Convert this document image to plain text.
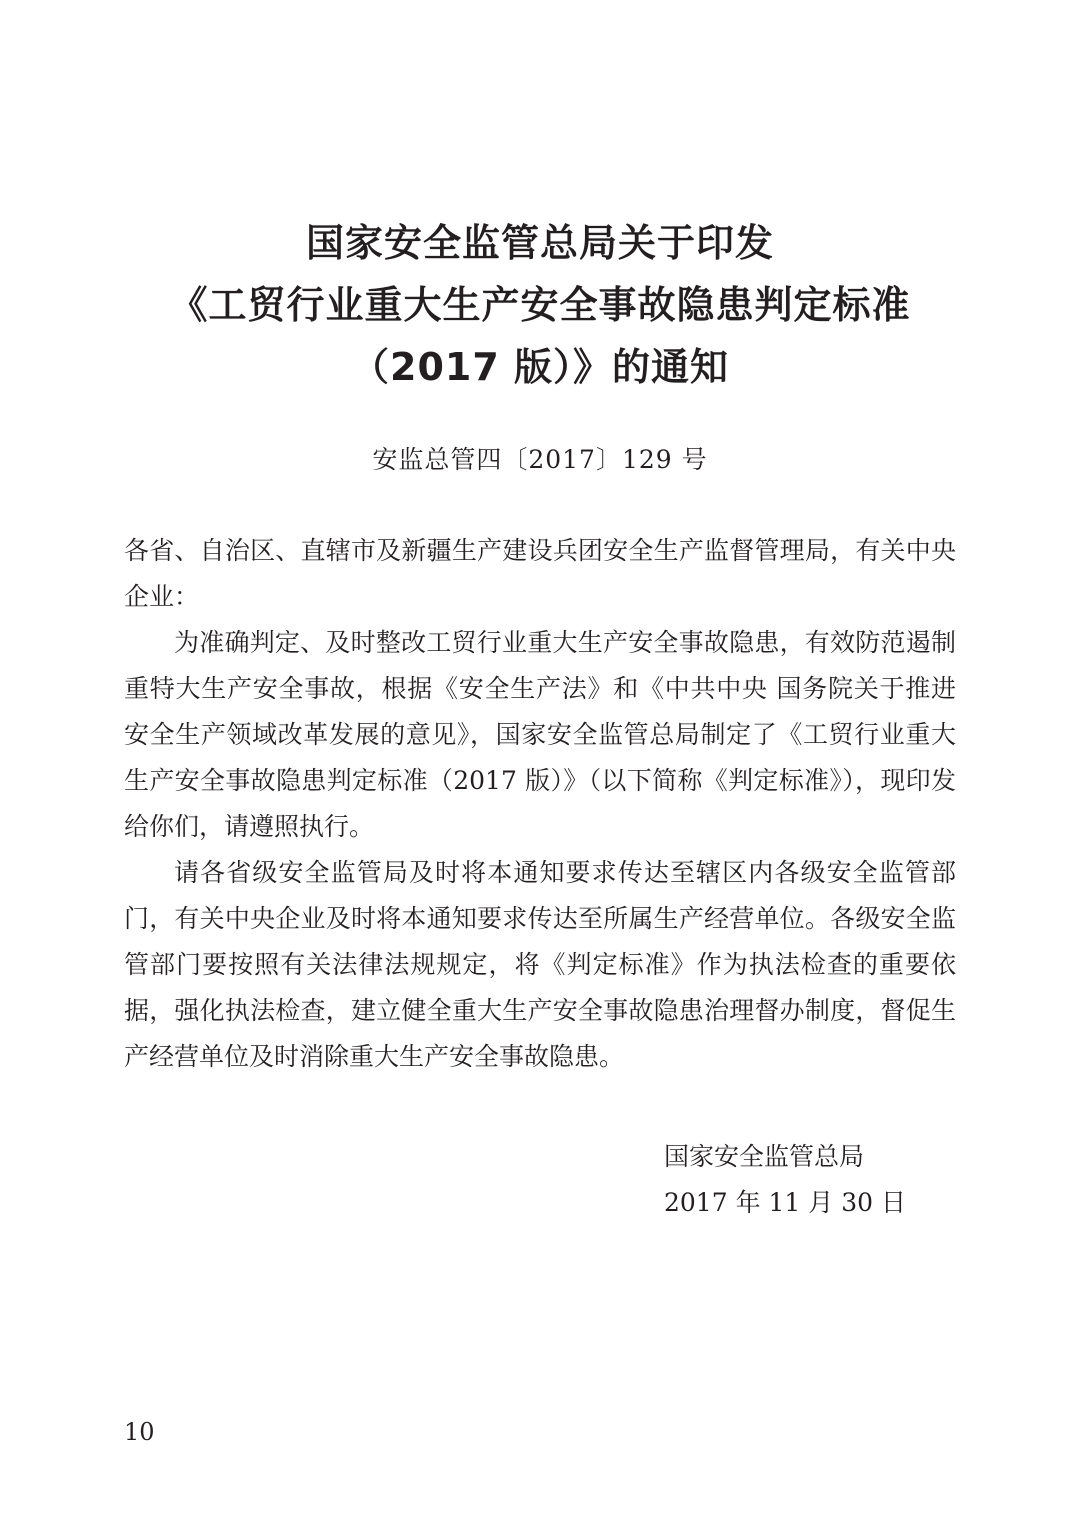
国家安全监管总局关于印发
《工贸行业重大生产安全事故隐患判定标准
（2017 版）》的通知
安监总管四〔2017〕129 号

各省、自治区、直辖市及新疆生产建设兵团安全生产监督管理局，有关中央企业：

为准确判定、及时整改工贸行业重大生产安全事故隐患，有效防范遏制重特大生产安全事故，根据《安全生产法》和《中共中央 国务院关于推进安全生产领域改革发展的意见》，国家安全监管总局制定了《工贸行业重大生产安全事故隐患判定标准（2017 版）》（以下简称《判定标准》），现印发给你们，请遵照执行。

请各省级安全监管局及时将本通知要求传达至辖区内各级安全监管部门，有关中央企业及时将本通知要求传达至所属生产经营单位。各级安全监管部门要按照有关法律法规规定，将《判定标准》作为执法检查的重要依据，强化执法检查，建立健全重大生产安全事故隐患治理督办制度，督促生产经营单位及时消除重大生产安全事故隐患。

国家安全监管总局
2017 年 11 月 30 日
10
